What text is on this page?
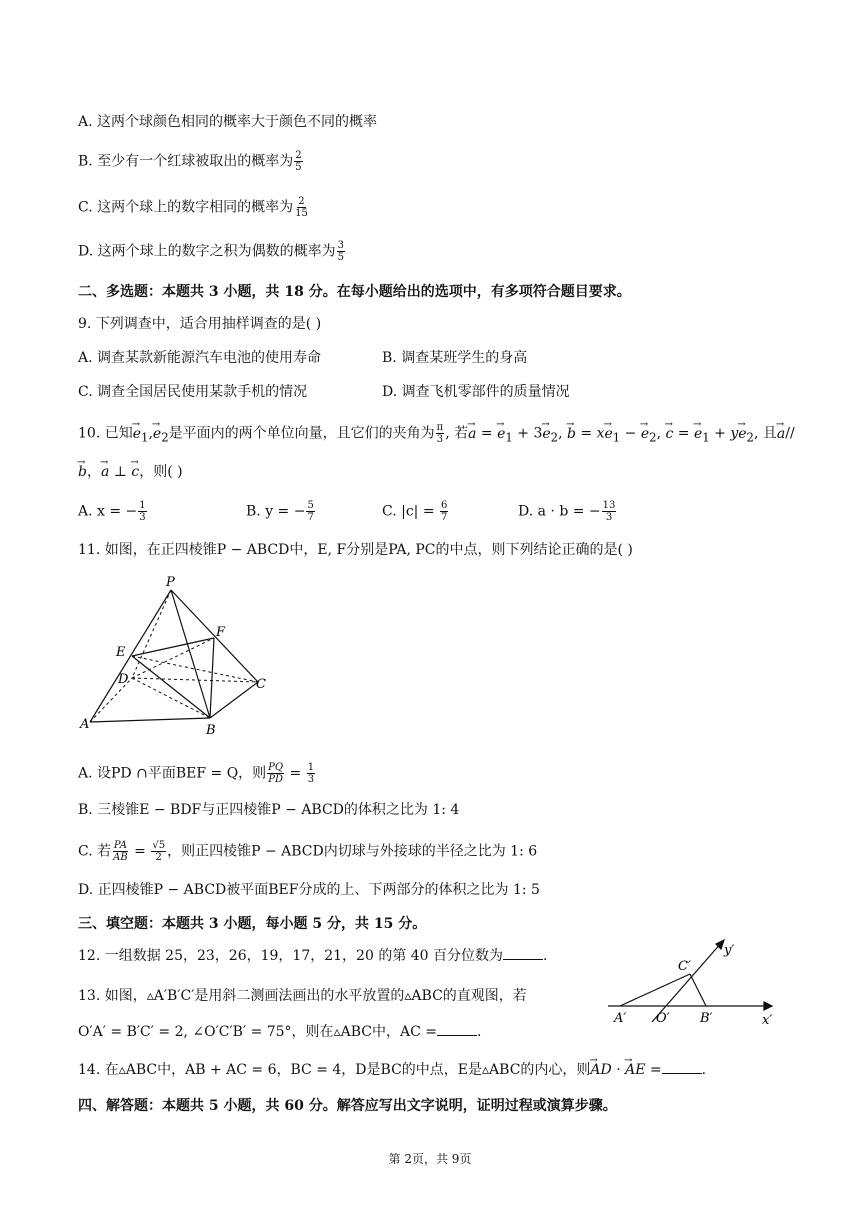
A. 这两个球颜色相同的概率大于颜色不同的概率
B. 至少有一个红球被取出的概率为 $\frac{2}{5}$
C. 这两个球上的数字相同的概率为 $\frac{2}{15}$
D. 这两个球上的数字之积为偶数的概率为 $\frac{3}{5}$
二、多选题：本题共 3 小题，共 18 分。在每小题给出的选项中，有多项符合题目要求。
9. 下列调查中，适合用抽样调查的是( )
A. 调查某款新能源汽车电池的使用寿命	B. 调查某班学生的身高
C. 调查全国居民使用某款手机的情况	D. 调查飞机零部件的质量情况
10. 已知→ $e_1,\to e_2$是平面内的两个单位向量，且它们的夹角为 $\frac{\pi}{3}$ , 若→ a = → $e_1 + 3\to e_2$, → $b = x\to e_1$ − → $e_2$, → c = → $e_1 + y\to e_2$, 且→ a//
→ b，→ a ⊥ → c，则( )
A. x = − $\frac{1}{3}$	B. y = − $\frac{5}{7}$	C. $|c| = \frac{6}{7}$	D. a · b = − $\frac{13}{3}$
11. 如图，在正四棱锥P − ABCD中，E, F分别是PA, PC的中点，则下列结论正确的是( )
P
E
F
D	C
A	B
A. 设PD ∩平面BEF = Q，则 $\frac{PQ}{PD} = \frac{1}{3}$
B. 三棱锥E − BDF与正四棱锥P − ABCD的体积之比为 1: 4
C. 若 $\frac{PA}{AB} = \frac{√5}{2}$ ，则正四棱锥P − ABCD内切球与外接球的半径之比为 1: 6
D. 正四棱锥P − ABCD被平面BEF分成的上、下两部分的体积之比为 1: 5
三、填空题：本题共 3 小题，每小题 5 分，共 15 分。
12. 一组数据 25，23，26，19，17，21，20 的第 40 百分位数为	.
C′
y′
A′ O′ B′	x′
13. 如图，▵A′B′C′是用斜二测画法画出的水平放置的▵ABC的直观图，若
O′A′ = B′C′ = 2, ∠O′C′B′ = 75°，则在▵ABC中，AC =	.
14. 在▵ABC中，AB + AC = 6，BC = 4，D是BC的中点，E是▵ABC的内心，则→ AD · → AE =	.
四、解答题：本题共 5 小题，共 60 分。解答应写出文字说明，证明过程或演算步骤。
第 2页，共 9页
